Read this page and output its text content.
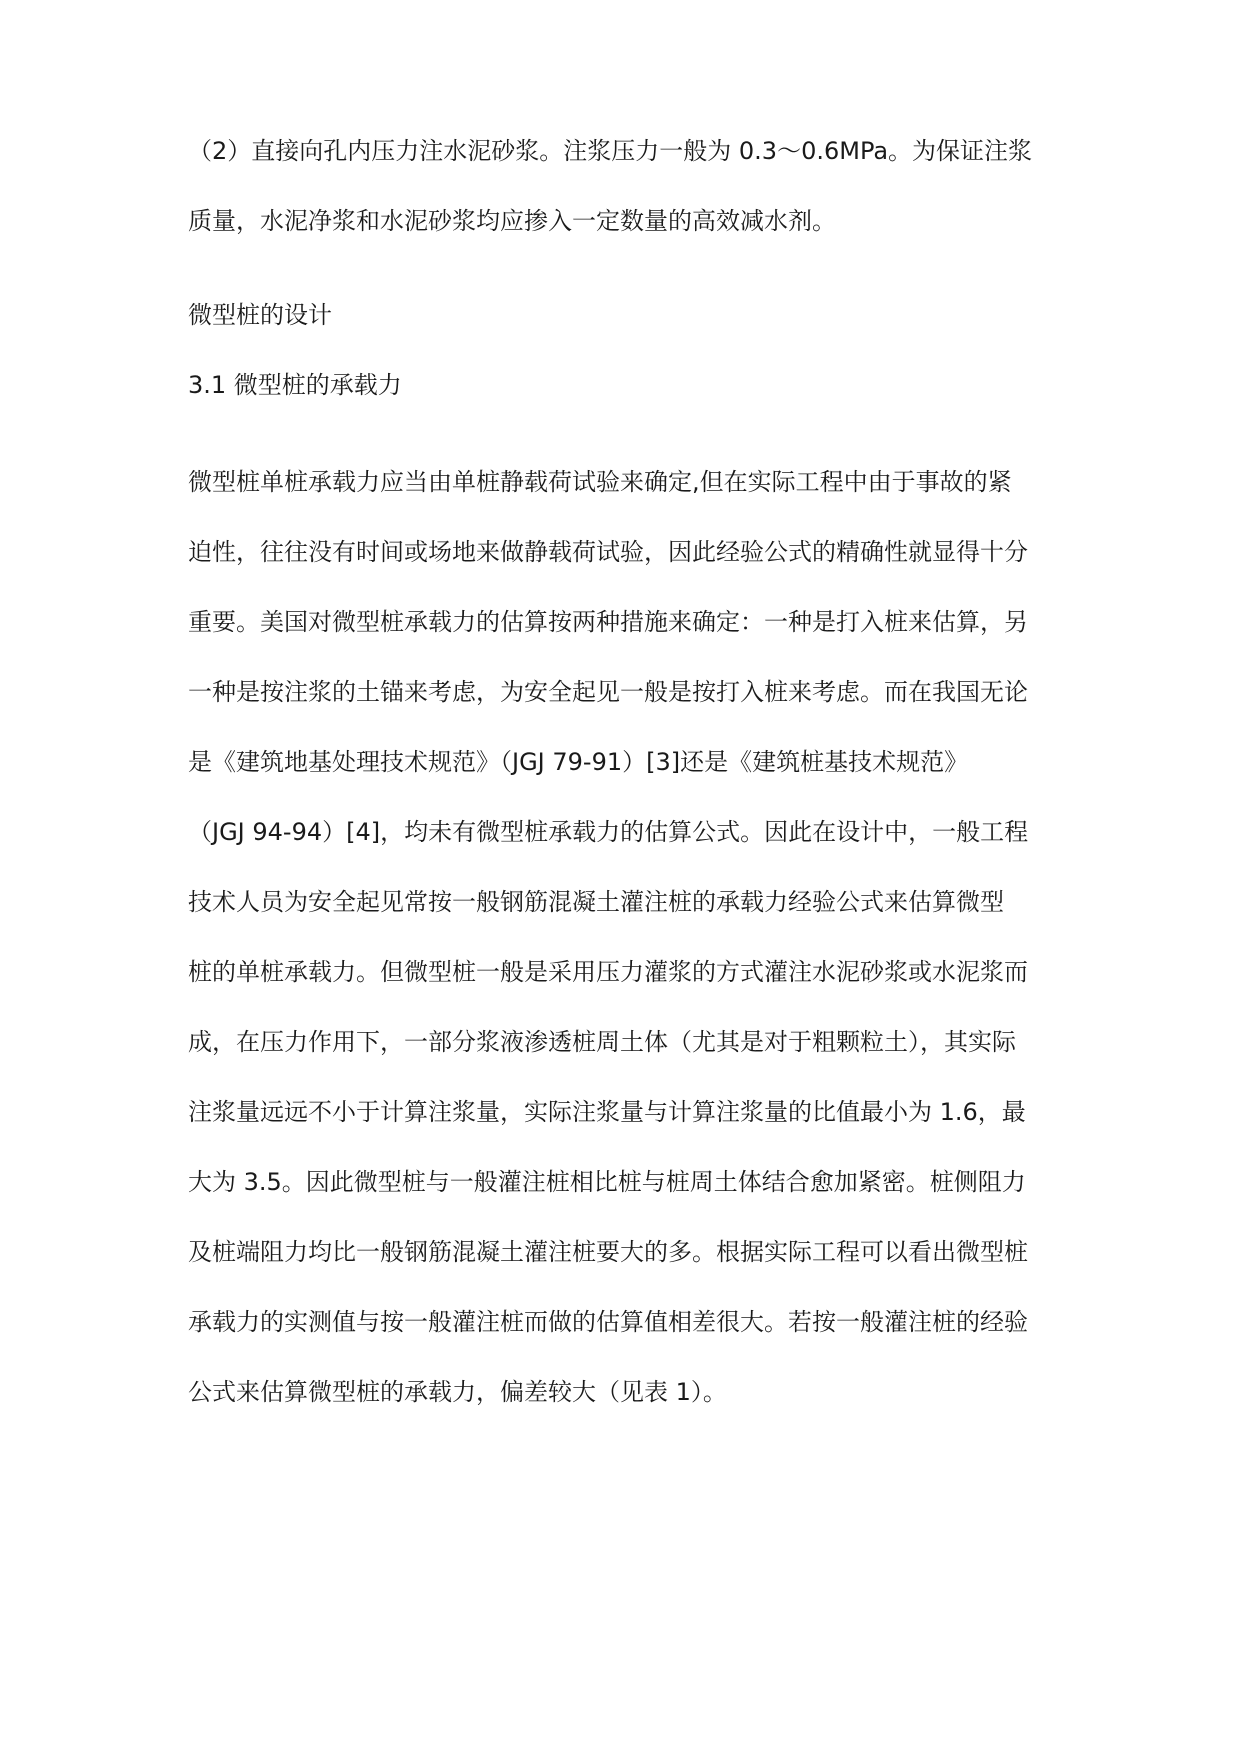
（2）直接向孔内压力注水泥砂浆。注浆压力一般为 0.3～0.6MPa。为保证注浆
质量，水泥净浆和水泥砂浆均应掺入一定数量的高效减水剂。
微型桩的设计
3.1 微型桩的承载力
微型桩单桩承载力应当由单桩静载荷试验来确定,但在实际工程中由于事故的紧
迫性，往往没有时间或场地来做静载荷试验，因此经验公式的精确性就显得十分
重要。美国对微型桩承载力的估算按两种措施来确定：一种是打入桩来估算，另
一种是按注浆的土锚来考虑，为安全起见一般是按打入桩来考虑。而在我国无论
是《建筑地基处理技术规范》（JGJ 79-91）[3]还是《建筑桩基技术规范》
（JGJ 94-94）[4]，均未有微型桩承载力的估算公式。因此在设计中，一般工程
技术人员为安全起见常按一般钢筋混凝土灌注桩的承载力经验公式来估算微型
桩的单桩承载力。但微型桩一般是采用压力灌浆的方式灌注水泥砂浆或水泥浆而
成，在压力作用下，一部分浆液渗透桩周土体（尤其是对于粗颗粒土），其实际
注浆量远远不小于计算注浆量，实际注浆量与计算注浆量的比值最小为 1.6，最
大为 3.5。因此微型桩与一般灌注桩相比桩与桩周土体结合愈加紧密。桩侧阻力
及桩端阻力均比一般钢筋混凝土灌注桩要大的多。根据实际工程可以看出微型桩
承载力的实测值与按一般灌注桩而做的估算值相差很大。若按一般灌注桩的经验
公式来估算微型桩的承载力，偏差较大（见表 1）。
